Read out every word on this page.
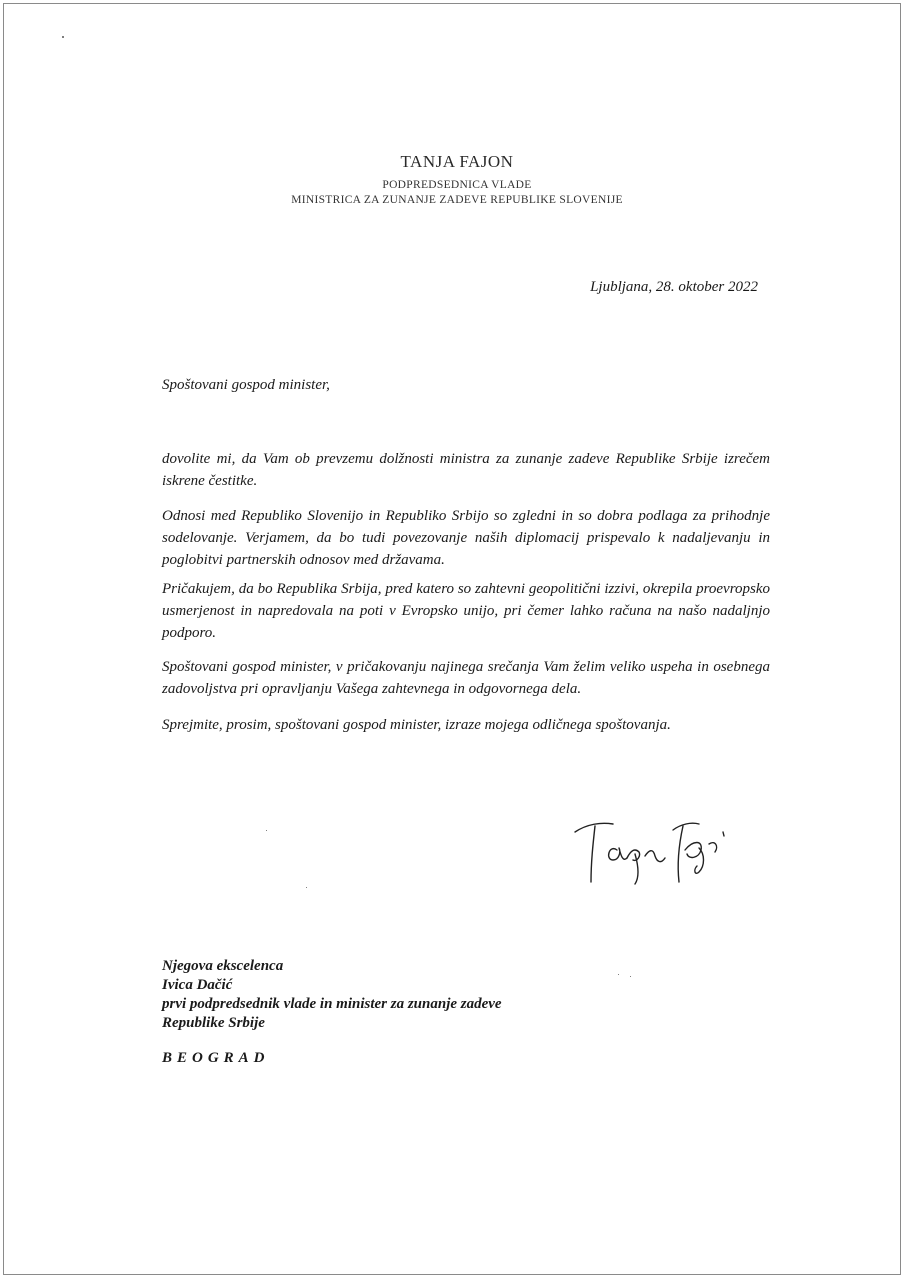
TANJA FAJON
PODPREDSEDNICA VLADE
MINISTRICA ZA ZUNANJE ZADEVE REPUBLIKE SLOVENIJE
Ljubljana, 28. oktober 2022
Spoštovani gospod minister,
dovolite mi, da Vam ob prevzemu dolžnosti ministra za zunanje zadeve Republike Srbije izrečem iskrene čestitke.
Odnosi med Republiko Slovenijo in Republiko Srbijo so zgledni in so dobra podlaga za prihodnje sodelovanje. Verjamem, da bo tudi povezovanje naših diplomacij prispevalo k nadaljevanju in poglobitvi partnerskih odnosov med državama.
Pričakujem, da bo Republika Srbija, pred katero so zahtevni geopolitični izzivi, okrepila proevropsko usmerjenost in napredovala na poti v Evropsko unijo, pri čemer lahko računa na našo nadaljnjo podporo.
Spoštovani gospod minister, v pričakovanju najinega srečanja Vam želim veliko uspeha in osebnega zadovoljstva pri opravljanju Vašega zahtevnega in odgovornega dela.
Sprejmite, prosim, spoštovani gospod minister, izraze mojega odličnega spoštovanja.
Njegova ekscelenca
Ivica Dačić
prvi podpredsednik vlade in minister za zunanje zadeve
Republike Srbije
BEOGRAD
